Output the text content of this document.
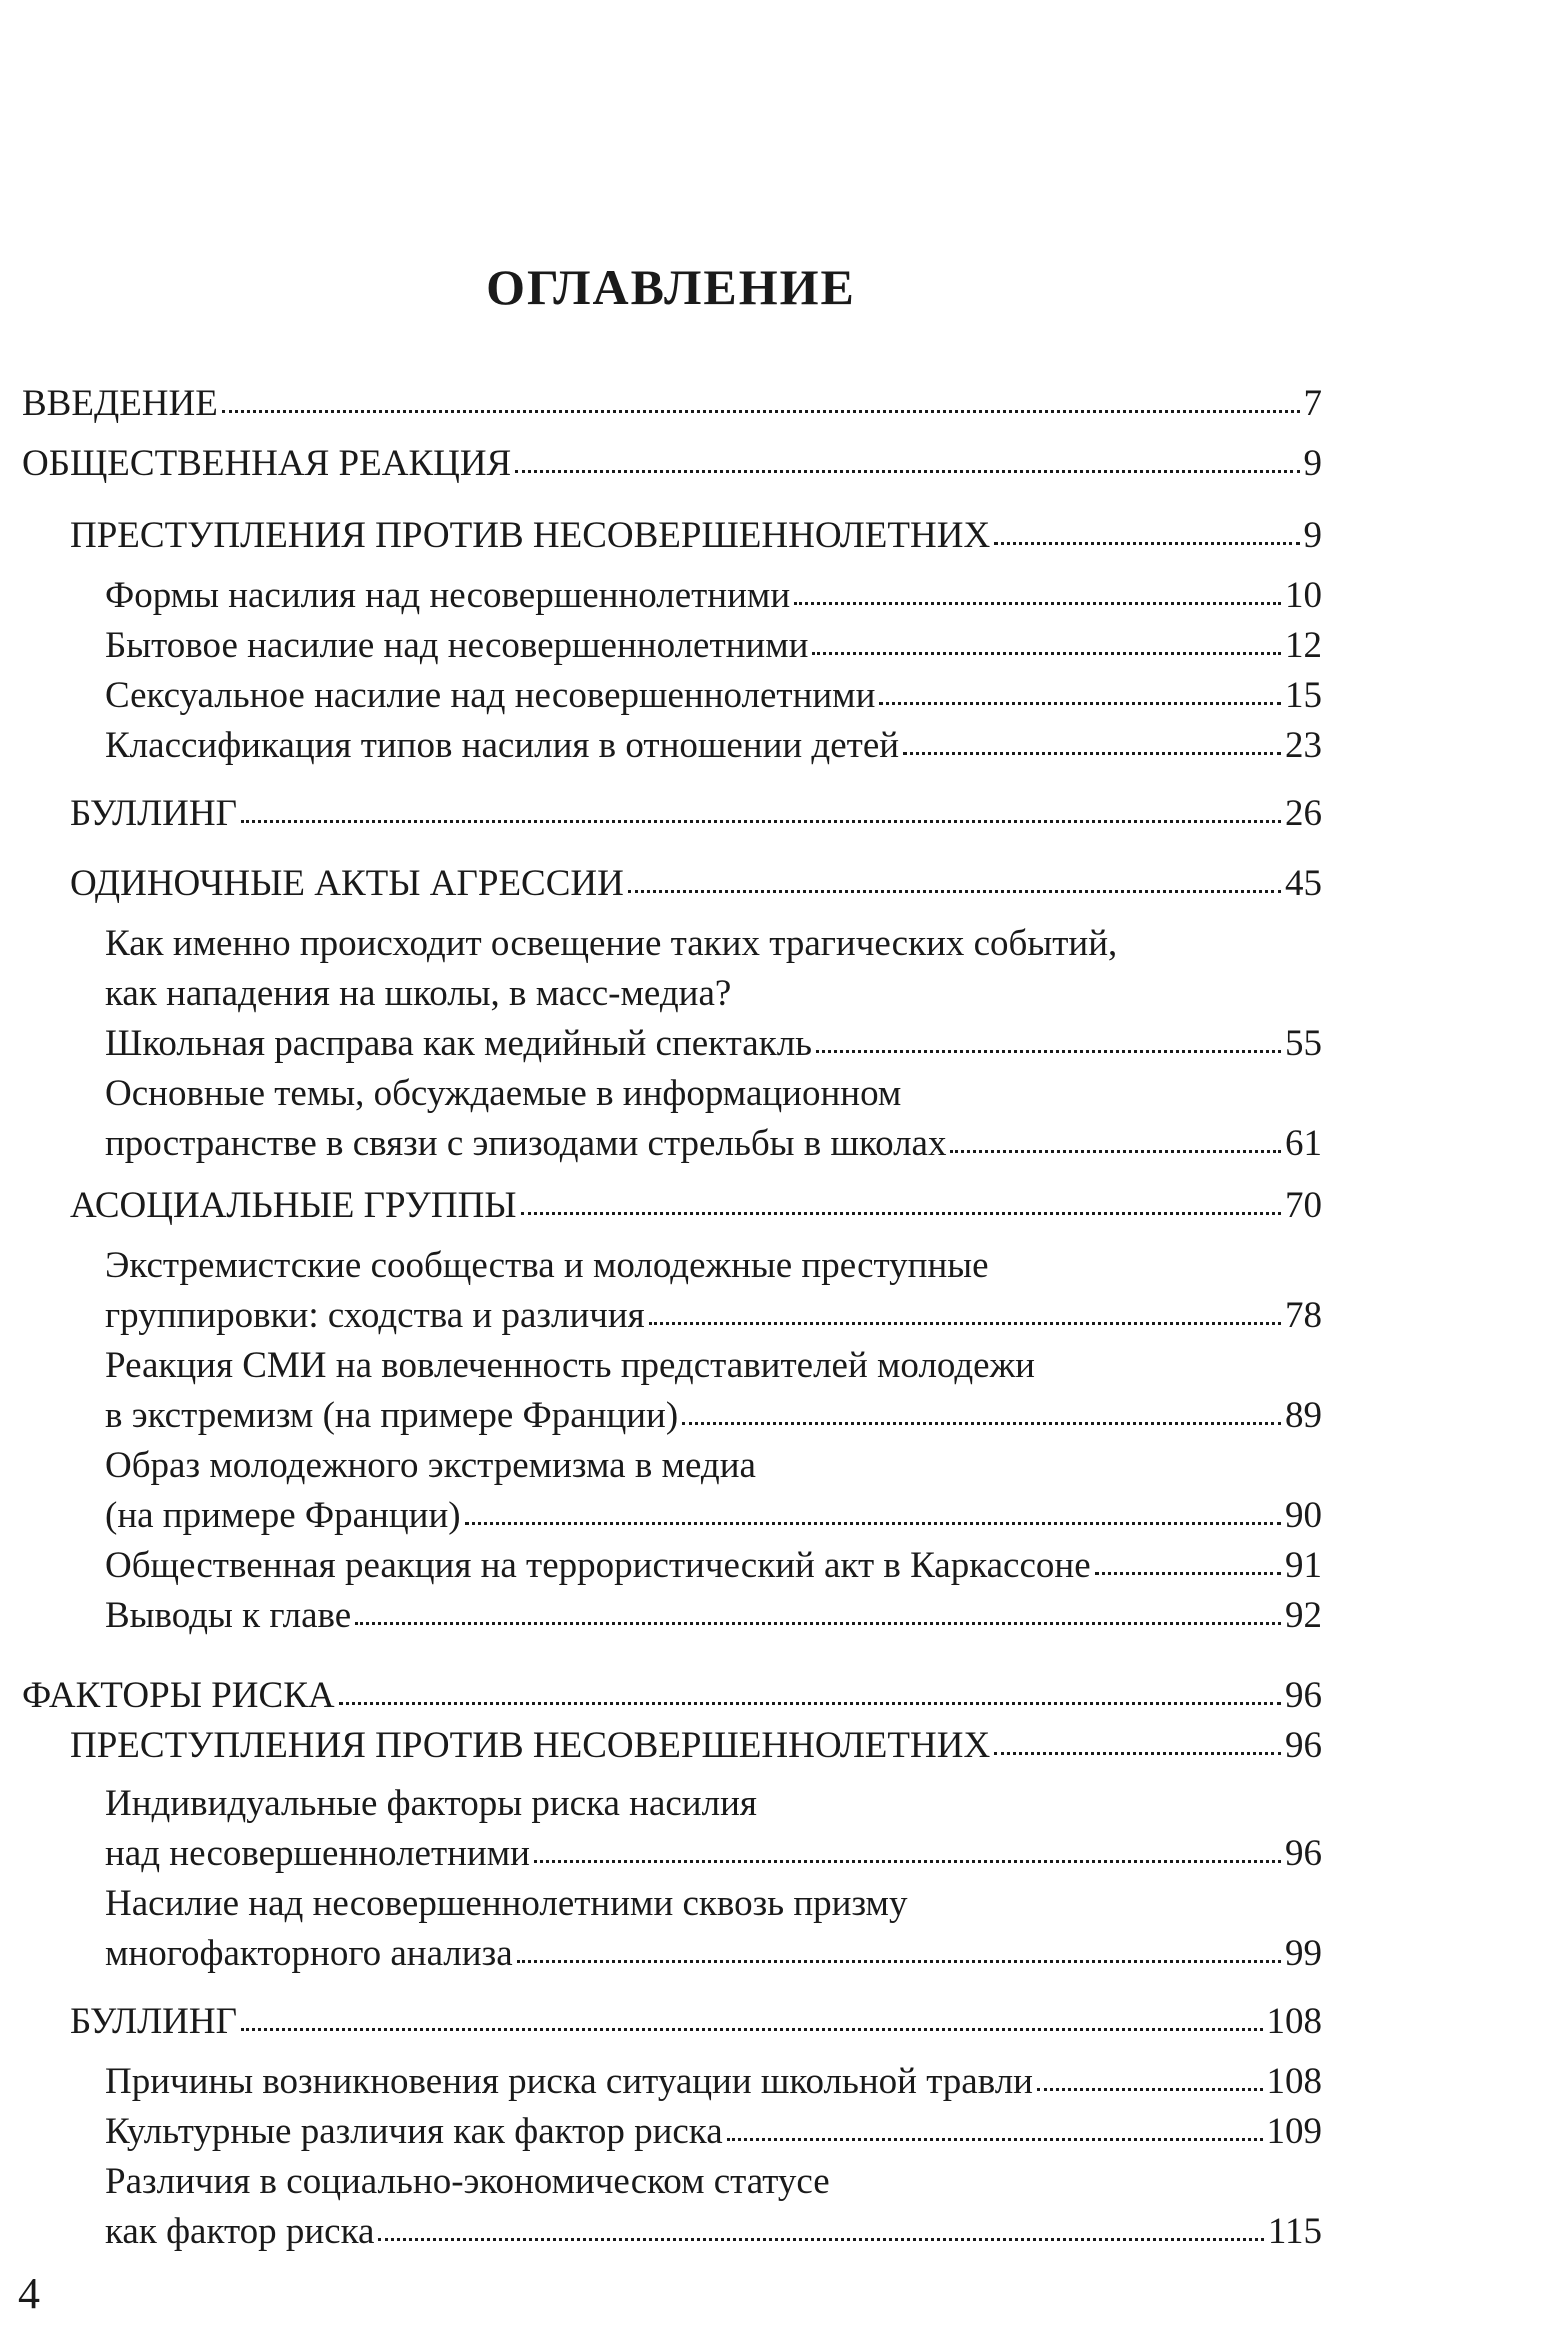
ОГЛАВЛЕНИЕ
ВВЕДЕНИЕ	7
ОБЩЕСТВЕННАЯ РЕАКЦИЯ	9
ПРЕСТУПЛЕНИЯ ПРОТИВ НЕСОВЕРШЕННОЛЕТНИХ	9
Формы насилия над несовершеннолетними	10
Бытовое насилие над несовершеннолетними	12
Сексуальное насилие над несовершеннолетними	15
Классификация типов насилия в отношении детей	23
БУЛЛИНГ	26
ОДИНОЧНЫЕ АКТЫ АГРЕССИИ	45
Как именно происходит освещение таких трагических событий,
как нападения на школы, в масс-медиа?
Школьная расправа как медийный спектакль	55
Основные темы, обсуждаемые в информационном
пространстве в связи с эпизодами стрельбы в школах	61
АСОЦИАЛЬНЫЕ ГРУППЫ	70
Экстремистские сообщества и молодежные преступные
группировки: сходства и различия	78
Реакция СМИ на вовлеченность представителей молодежи
в экстремизм (на примере Франции)	89
Образ молодежного экстремизма в медиа
(на примере Франции)	90
Общественная реакция на террористический акт в Каркассоне	91
Выводы к главе	92
ФАКТОРЫ РИСКА	96
ПРЕСТУПЛЕНИЯ ПРОТИВ НЕСОВЕРШЕННОЛЕТНИХ	96
Индивидуальные факторы риска насилия
над несовершеннолетними	96
Насилие над несовершеннолетними сквозь призму
многофакторного анализа	99
БУЛЛИНГ	108
Причины возникновения риска ситуации школьной травли	108
Культурные различия как фактор риска	109
Различия в социально-экономическом статусе
как фактор риска	115
4
